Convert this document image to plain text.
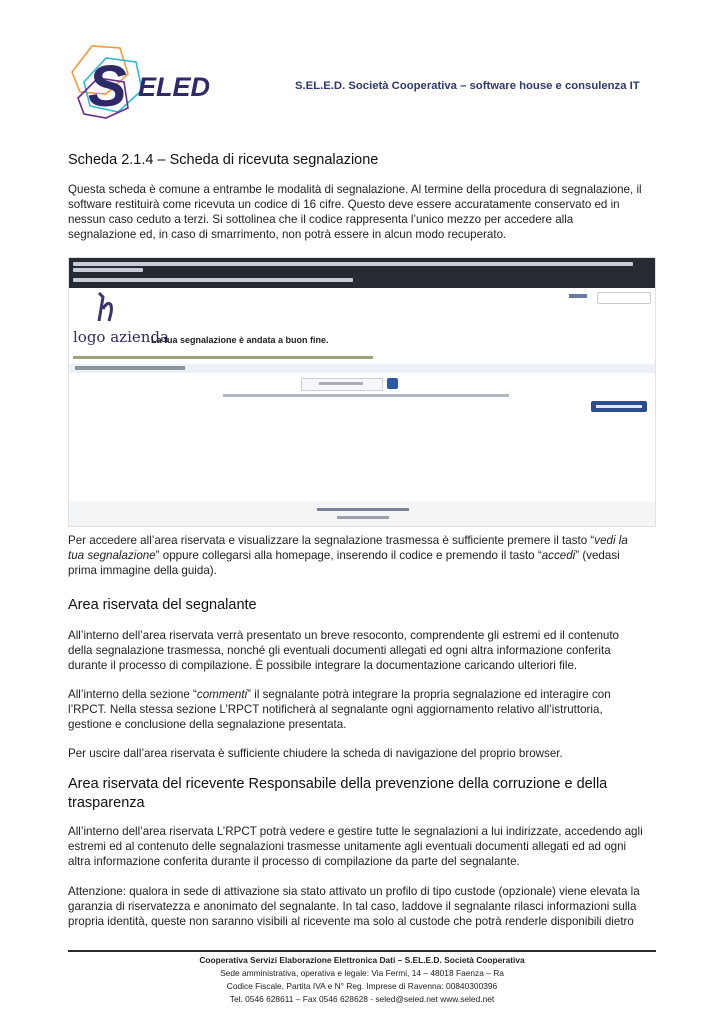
S ELED	S.EL.E.D. Società Cooperativa – software house e consulenza IT
Scheda 2.1.4 – Scheda di ricevuta segnalazione
Questa scheda è comune a entrambe le modalità di segnalazione. Al termine della procedura di segnalazione, il
software restituirà come ricevuta un codice di 16 cifre. Questo deve essere accuratamente conservato ed in
nessun caso ceduto a terzi. Si sottolinea che il codice rappresenta l’unico mezzo per accedere alla
segnalazione ed, in caso di smarrimento, non potrà essere in alcun modo recuperato.
logo azienda
La tua segnalazione è andata a buon fine.
Per accedere all’area riservata e visualizzare la segnalazione trasmessa è sufficiente premere il tasto “vedi la
tua segnalazione” oppure collegarsi alla homepage, inserendo il codice e premendo il tasto “accedi” (vedasi
prima immagine della guida).
Area riservata del segnalante
All’interno dell’area riservata verrà presentato un breve resoconto, comprendente gli estremi ed il contenuto
della segnalazione trasmessa, nonché gli eventuali documenti allegati ed ogni altra informazione conferita
durante il processo di compilazione. È possibile integrare la documentazione caricando ulteriori file.
All’interno della sezione “commenti” il segnalante potrà integrare la propria segnalazione ed interagire con
l’RPCT. Nella stessa sezione L’RPCT notificherà al segnalante ogni aggiornamento relativo all’istruttoria,
gestione e conclusione della segnalazione presentata.
Per uscire dall’area riservata è sufficiente chiudere la scheda di navigazione del proprio browser.
Area riservata del ricevente Responsabile della prevenzione della corruzione e della
trasparenza
All’interno dell’area riservata L’RPCT potrà vedere e gestire tutte le segnalazioni a lui indirizzate, accedendo agli
estremi ed al contenuto delle segnalazioni trasmesse unitamente agli eventuali documenti allegati ed ad ogni
altra informazione conferita durante il processo di compilazione da parte del segnalante.
Attenzione: qualora in sede di attivazione sia stato attivato un profilo di tipo custode (opzionale) viene elevata la
garanzia di riservatezza e anonimato del segnalante. In tal caso, laddove il segnalante rilasci informazioni sulla
propria identità, queste non saranno visibili al ricevente ma solo al custode che potrà renderle disponibili dietro
Cooperativa Servizi Elaborazione Elettronica Dati – S.EL.E.D. Società Cooperativa
Sede amministrativa, operativa e legale: Via Fermi, 14 – 48018 Faenza – Ra
Codice Fiscale, Partita IVA e N° Reg. Imprese di Ravenna: 00840300396
Tel. 0546 628611 – Fax 0546 628628 - seled@seled.net www.seled.net
